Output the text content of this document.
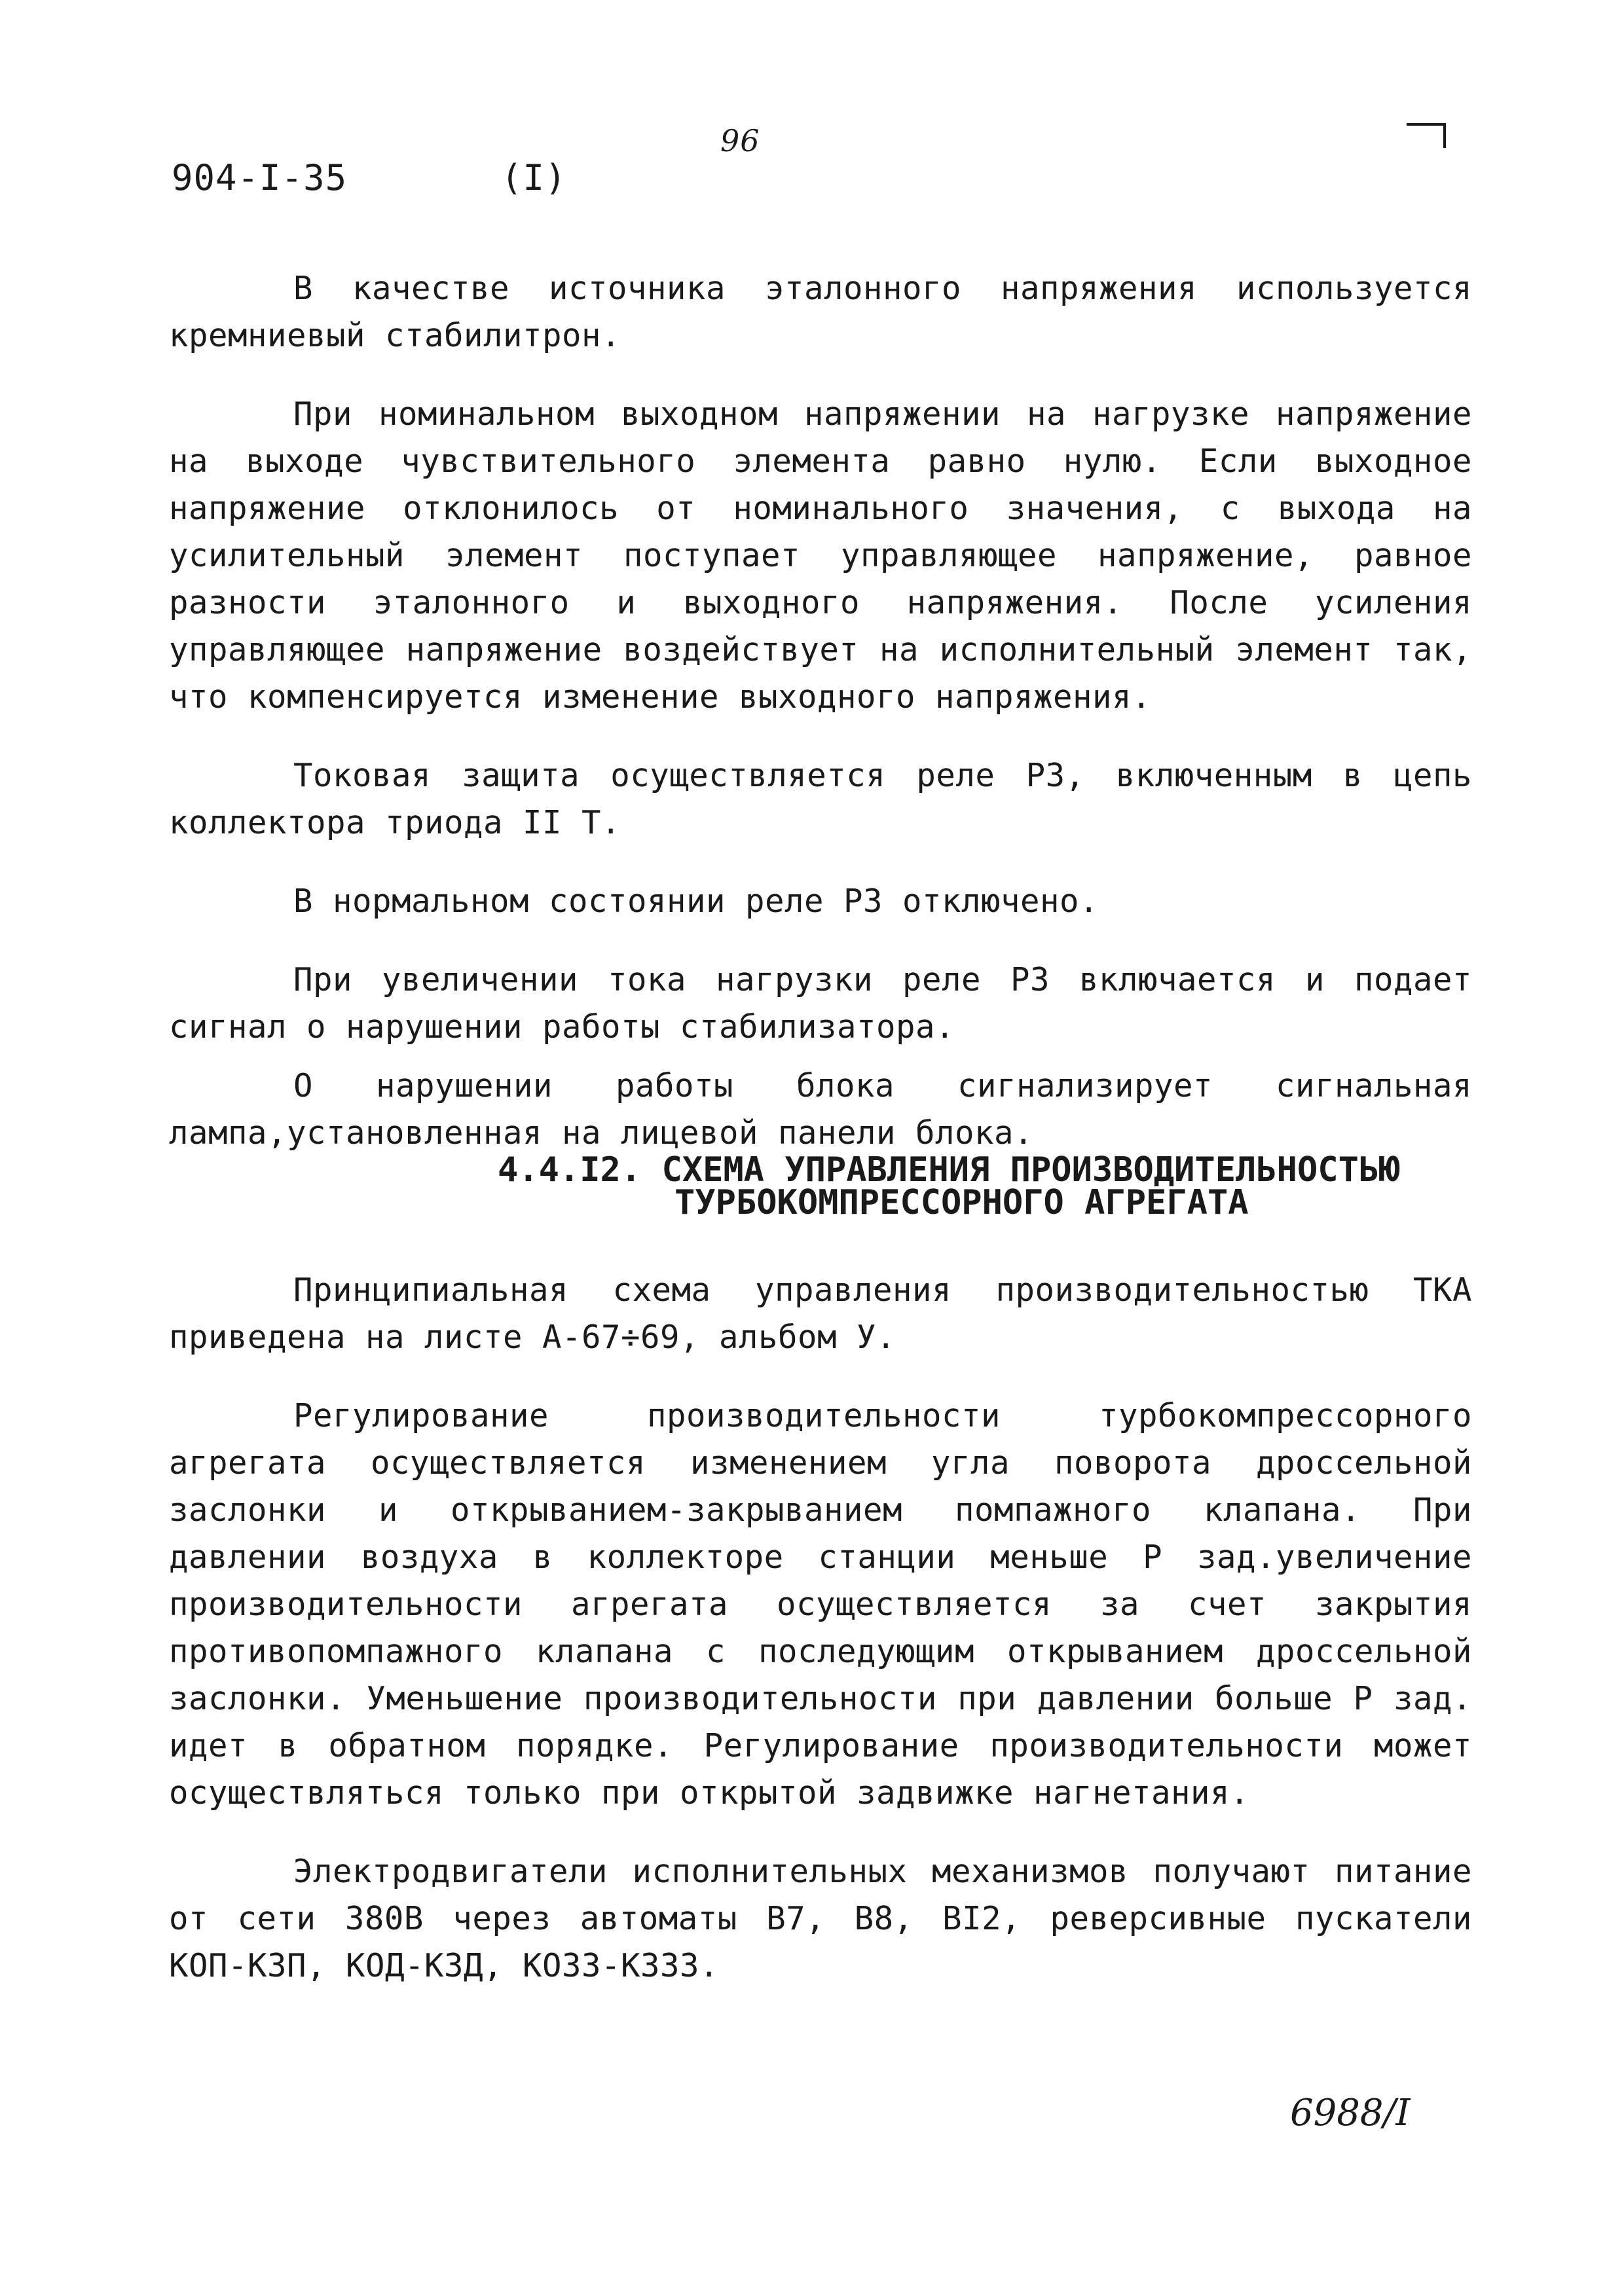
904-I-35	(I)
96

В качестве источника эталонного напряжения используется кремниевый стабилитрон.

При номинальном выходном напряжении на нагрузке напряжение на выходе чувствительного элемента равно нулю. Если выходное напряжение отклонилось от номинального значения, с выхода на усилительный элемент поступает управляющее напряжение, равное разности эталонного и выходного напряжения. После усиления управляющее напряжение воздействует на исполнительный элемент так, что компенсируется изменение выходного напряжения.

Токовая защита осуществляется реле Р3, включенным в цепь коллектора триода II Т.

В нормальном состоянии реле Р3 отключено.

При увеличении тока нагрузки реле Р3 включается и подает сигнал о нарушении работы стабилизатора.

О нарушении работы блока сигнализирует сигнальная лампа,установленная на лицевой панели блока.

4.4.I2. СХЕМА УПРАВЛЕНИЯ ПРОИЗВОДИТЕЛЬНОСТЬЮ
ТУРБОКОМПРЕССОРНОГО АГРЕГАТА

Принципиальная схема управления производительностью ТКА приведена на листе А-67÷69, альбом У.

Регулирование производительности турбокомпрессорного агрегата осуществляется изменением угла поворота дроссельной заслонки и открыванием-закрыванием помпажного клапана. При давлении воздуха в коллекторе станции меньше Р зад.увеличение производительности агрегата осуществляется за счет закрытия противопомпажного клапана с последующим открыванием дроссельной заслонки. Уменьшение производительности при давлении больше Р зад. идет в обратном порядке. Регулирование производительности может осуществляться только при открытой задвижке нагнетания.

Электродвигатели исполнительных механизмов получают питание от сети 380В через автоматы В7, В8, ВI2, реверсивные пускатели КОП-КЗП, КОД-КЗД, КОЗЗ-КЗЗЗ.

6988/I
